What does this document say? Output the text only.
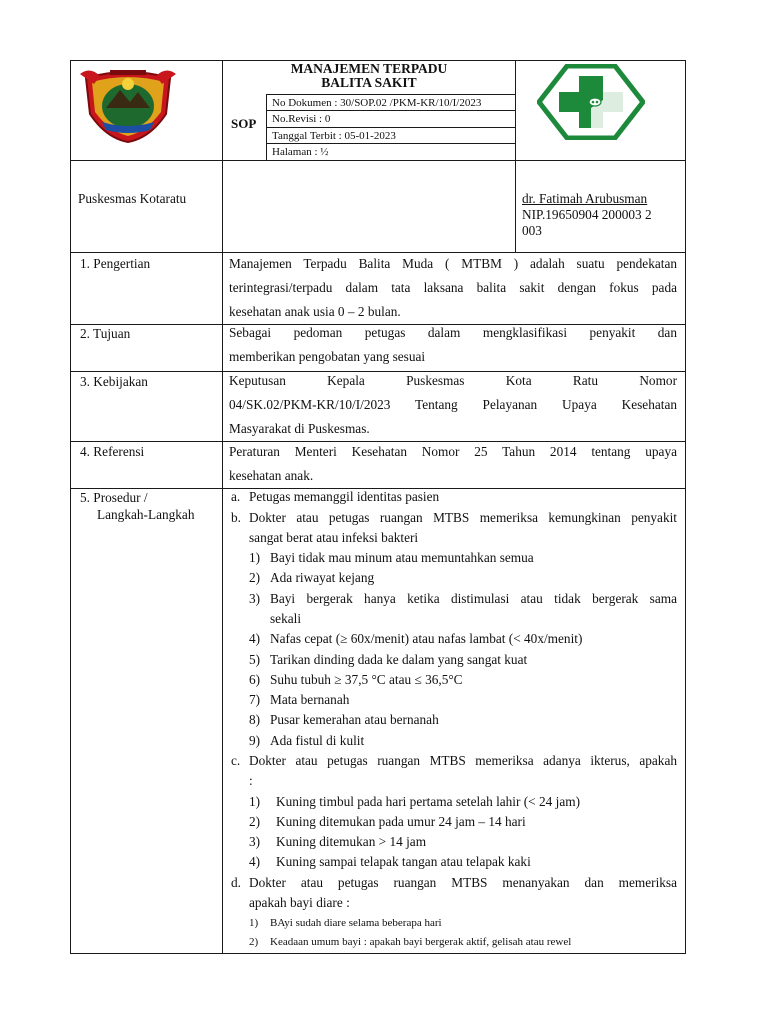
MANAJEMEN TERPADU
BALITA SAKIT
SOP
No Dokumen : 30/SOP.02 /PKM-KR/10/I/2023
No.Revisi : 0
Tanggal Terbit : 05-01-2023
Halaman : ½
Puskesmas Kotaratu	dr. Fatimah Arubusman
NIP.19650904 200003 2
003
1. Pengertian	Manajemen Terpadu Balita Muda ( MTBM ) adalah suatu pendekatan
terintegrasi/terpadu dalam tata laksana balita sakit dengan fokus pada
kesehatan anak usia 0 – 2 bulan.
2. Tujuan	Sebagai pedoman petugas dalam mengklasifikasi penyakit dan
memberikan pengobatan yang sesuai
3. Kebijakan	Keputusan Kepala Puskesmas Kota Ratu Nomor
04/SK.02/PKM-KR/10/I/2023 Tentang Pelayanan Upaya Kesehatan
Masyarakat di Puskesmas.
4. Referensi	Peraturan Menteri Kesehatan Nomor 25 Tahun 2014 tentang upaya
kesehatan anak.
5. Prosedur /
Langkah-Langkah
a. Petugas memanggil identitas pasien
b. Dokter atau petugas ruangan MTBS memeriksa kemungkinan penyakit
sangat berat atau infeksi bakteri
1) Bayi tidak mau minum atau memuntahkan semua
2) Ada riwayat kejang
3) Bayi bergerak hanya ketika distimulasi atau tidak bergerak sama
sekali
4) Nafas cepat (≥ 60x/menit) atau nafas lambat (< 40x/menit)
5) Tarikan dinding dada ke dalam yang sangat kuat
6) Suhu tubuh ≥ 37,5 °C atau ≤ 36,5°C
7) Mata bernanah
8) Pusar kemerahan atau bernanah
9) Ada fistul di kulit
c. Dokter atau petugas ruangan MTBS memeriksa adanya ikterus, apakah
:
1) Kuning timbul pada hari pertama setelah lahir (< 24 jam)
2) Kuning ditemukan pada umur 24 jam – 14 hari
3) Kuning ditemukan > 14 jam
4) Kuning sampai telapak tangan atau telapak kaki
d. Dokter atau petugas ruangan MTBS menanyakan dan memeriksa
apakah bayi diare :
1) BAyi sudah diare selama beberapa hari
2) Keadaan umum bayi : apakah bayi bergerak aktif, gelisah atau rewel
